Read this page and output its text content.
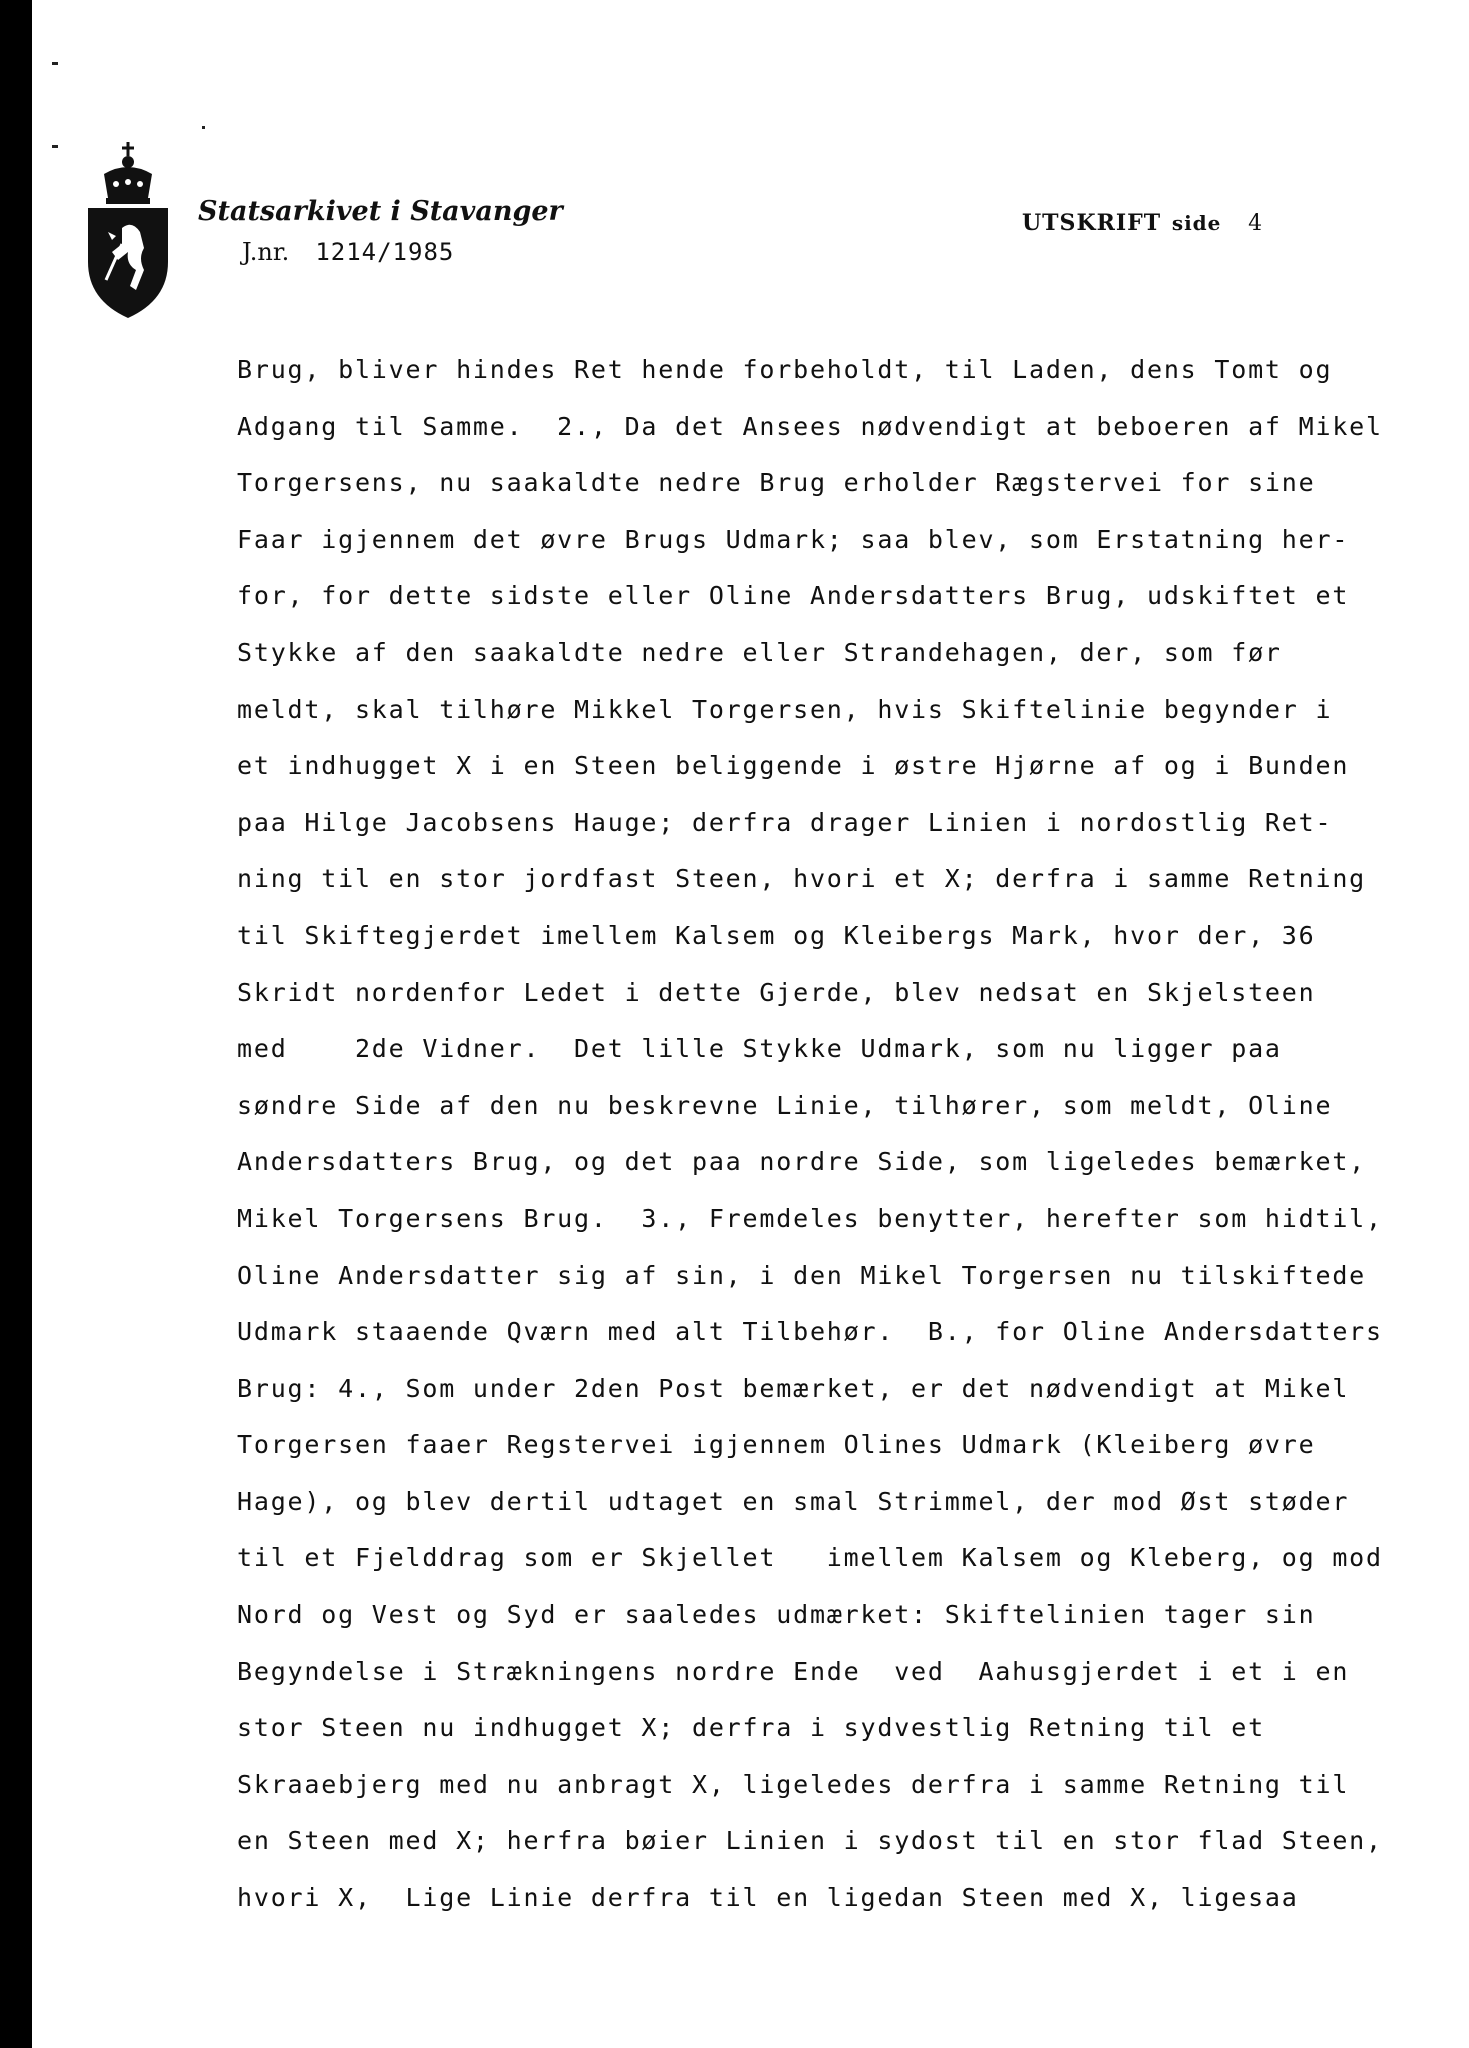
Statsarkivet i Stavanger
J.nr. 1214/1985
UTSKRIFT side 4
Brug, bliver hindes Ret hende forbeholdt, til Laden, dens Tomt og
Adgang til Samme.  2., Da det Ansees nødvendigt at beboeren af Mikel
Torgersens, nu saakaldte nedre Brug erholder Rægstervei for sine
Faar igjennem det øvre Brugs Udmark; saa blev, som Erstatning her-
for, for dette sidste eller Oline Andersdatters Brug, udskiftet et
Stykke af den saakaldte nedre eller Strandehagen, der, som før
meldt, skal tilhøre Mikkel Torgersen, hvis Skiftelinie begynder i
et indhugget X i en Steen beliggende i østre Hjørne af og i Bunden
paa Hilge Jacobsens Hauge; derfra drager Linien i nordostlig Ret-
ning til en stor jordfast Steen, hvori et X; derfra i samme Retning
til Skiftegjerdet imellem Kalsem og Kleibergs Mark, hvor der, 36
Skridt nordenfor Ledet i dette Gjerde, blev nedsat en Skjelsteen
med    2de Vidner.  Det lille Stykke Udmark, som nu ligger paa
søndre Side af den nu beskrevne Linie, tilhører, som meldt, Oline
Andersdatters Brug, og det paa nordre Side, som ligeledes bemærket,
Mikel Torgersens Brug.  3., Fremdeles benytter, herefter som hidtil,
Oline Andersdatter sig af sin, i den Mikel Torgersen nu tilskiftede
Udmark staaende Qværn med alt Tilbehør.  B., for Oline Andersdatters
Brug: 4., Som under 2den Post bemærket, er det nødvendigt at Mikel
Torgersen faaer Regstervei igjennem Olines Udmark (Kleiberg øvre
Hage), og blev dertil udtaget en smal Strimmel, der mod Øst støder
til et Fjelddrag som er Skjellet   imellem Kalsem og Kleberg, og mod
Nord og Vest og Syd er saaledes udmærket: Skiftelinien tager sin
Begyndelse i Strækningens nordre Ende  ved  Aahusgjerdet i et i en
stor Steen nu indhugget X; derfra i sydvestlig Retning til et
Skraaebjerg med nu anbragt X, ligeledes derfra i samme Retning til
en Steen med X; herfra bøier Linien i sydost til en stor flad Steen,
hvori X,  Lige Linie derfra til en ligedan Steen med X, ligesaa
